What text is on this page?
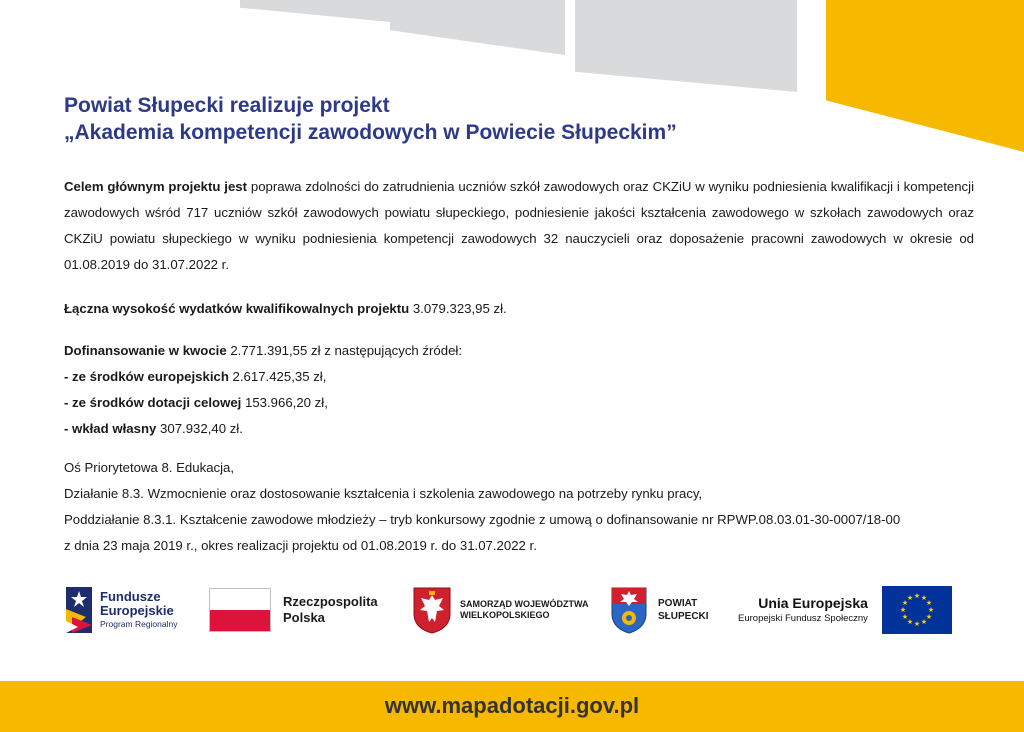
Powiat Słupecki realizuje projekt
„Akademia kompetencji zawodowych w Powiecie Słupeckim”
Celem głównym projektu jest poprawa zdolności do zatrudnienia uczniów szkół zawodowych oraz CKZiU w wyniku podniesienia kwalifikacji i kompetencji zawodowych wśród 717 uczniów szkół zawodowych powiatu słupeckiego, podniesienie jakości kształcenia zawodowego w szkołach zawodowych oraz CKZiU powiatu słupeckiego w wyniku podniesienia kompetencji zawodowych 32 nauczycieli oraz doposażenie pracowni zawodowych w okresie od 01.08.2019 do 31.07.2022 r.
Łączna wysokość wydatków kwalifikowalnych projektu 3.079.323,95 zł.
Dofinansowanie w kwocie 2.771.391,55 zł z następujących źródeł:
- ze środków europejskich 2.617.425,35 zł,
- ze środków dotacji celowej 153.966,20 zł,
- wkład własny 307.932,40 zł.
Oś Priorytetowa 8. Edukacja,
Działanie 8.3. Wzmocnienie oraz dostosowanie kształcenia i szkolenia zawodowego na potrzeby rynku pracy,
Poddziałanie 8.3.1. Kształcenie zawodowe młodzieży – tryb konkursowy zgodnie z umową o dofinansowanie nr RPWP.08.03.01-30-0007/18-00
z dnia 23 maja 2019 r., okres realizacji projektu od 01.08.2019 r. do 31.07.2022 r.
Fundusze
Europejskie
Program Regionalny
Rzeczpospolita
Polska
SAMORZĄD WOJEWÓDZTWA
WIELKOPOLSKIEGO
POWIAT
SŁUPECKI
Unia Europejska
Europejski Fundusz Społeczny
★ ★
★
★
★
★
★
★
★
★
★
★
www.mapadotacji.gov.pl
